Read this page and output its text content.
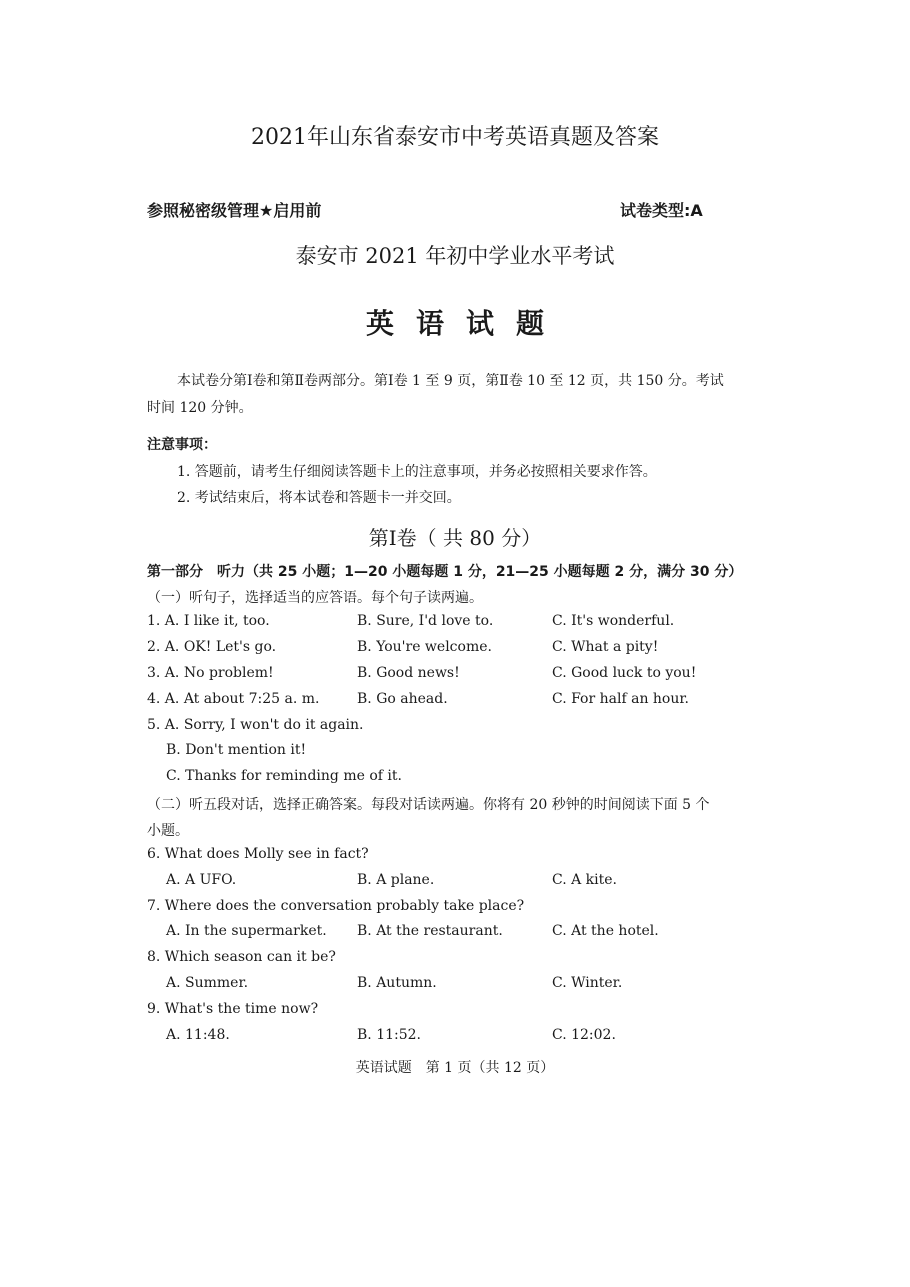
2021年山东省泰安市中考英语真题及答案
参照秘密级管理★启用前	试卷类型:A
泰安市 2021 年初中学业水平考试
英语试题
本试卷分第Ⅰ卷和第Ⅱ卷两部分。第Ⅰ卷 1 至 9 页，第Ⅱ卷 10 至 12 页，共 150 分。考试
时间 120 分钟。
注意事项：
1. 答题前，请考生仔细阅读答题卡上的注意事项，并务必按照相关要求作答。
2. 考试结束后，将本试卷和答题卡一并交回。
第Ⅰ卷（ 共 80 分）
第一部分　听力（共 25 小题；1—20 小题每题 1 分，21—25 小题每题 2 分，满分 30 分）
（一）听句子，选择适当的应答语。每个句子读两遍。
1. A. I like it, too.	B. Sure, I'd love to.	C. It's wonderful.
2. A. OK! Let's go.	B. You're welcome.	C. What a pity!
3. A. No problem!	B. Good news!	C. Good luck to you!
4. A. At about 7:25 a. m.	B. Go ahead.	C. For half an hour.
5. A. Sorry, I won't do it again.
B. Don't mention it!
C. Thanks for reminding me of it.
（二）听五段对话，选择正确答案。每段对话读两遍。你将有 20 秒钟的时间阅读下面 5 个
小题。
6. What does Molly see in fact?
A. A UFO.	B. A plane.	C. A kite.
7. Where does the conversation probably take place?
A. In the supermarket. B. At the restaurant.	C. At the hotel.
8. Which season can it be?
A. Summer.	B. Autumn.	C. Winter.
9. What's the time now?
A. 11:48.	B. 11:52.	C. 12:02.
英语试题　第 1 页（共 12 页）
